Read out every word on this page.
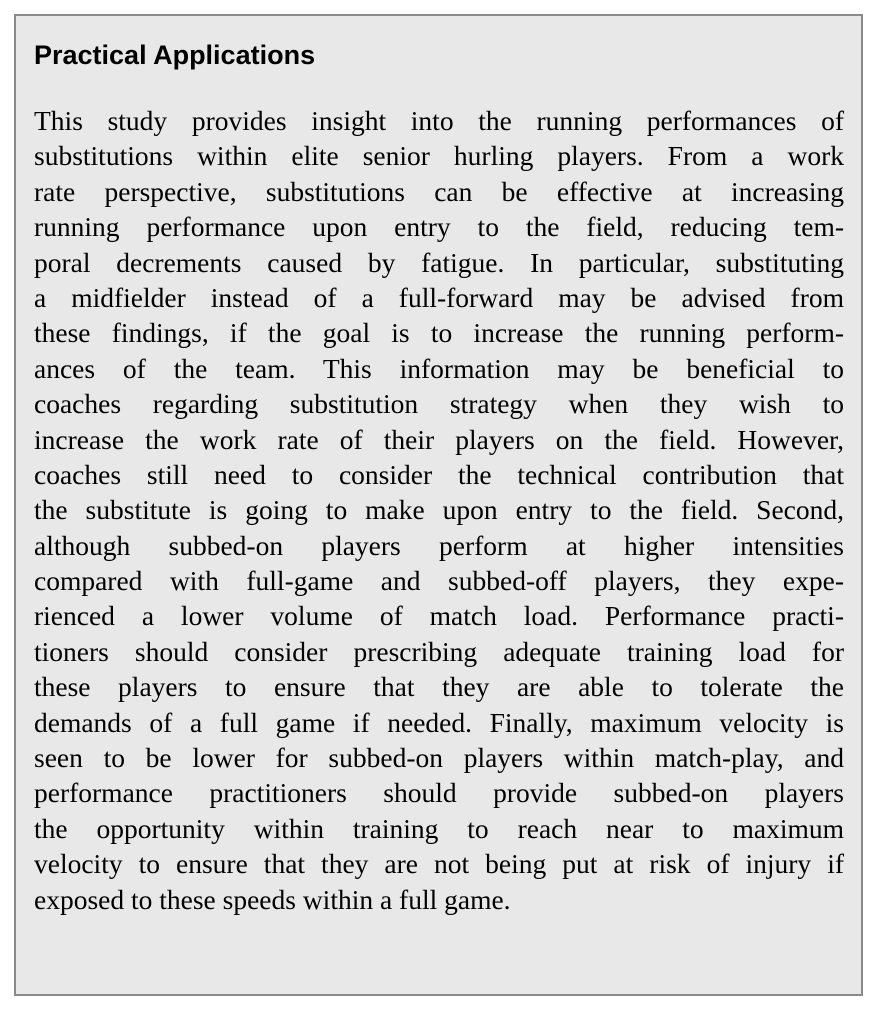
Practical Applications
This study provides insight into the running performances of
substitutions within elite senior hurling players. From a work
rate perspective, substitutions can be effective at increasing
running performance upon entry to the field, reducing tem-
poral decrements caused by fatigue. In particular, substituting
a midfielder instead of a full-forward may be advised from
these findings, if the goal is to increase the running perform-
ances of the team. This information may be beneficial to
coaches regarding substitution strategy when they wish to
increase the work rate of their players on the field. However,
coaches still need to consider the technical contribution that
the substitute is going to make upon entry to the field. Second,
although subbed-on players perform at higher intensities
compared with full-game and subbed-off players, they expe-
rienced a lower volume of match load. Performance practi-
tioners should consider prescribing adequate training load for
these players to ensure that they are able to tolerate the
demands of a full game if needed. Finally, maximum velocity is
seen to be lower for subbed-on players within match-play, and
performance practitioners should provide subbed-on players
the opportunity within training to reach near to maximum
velocity to ensure that they are not being put at risk of injury if
exposed to these speeds within a full game.
